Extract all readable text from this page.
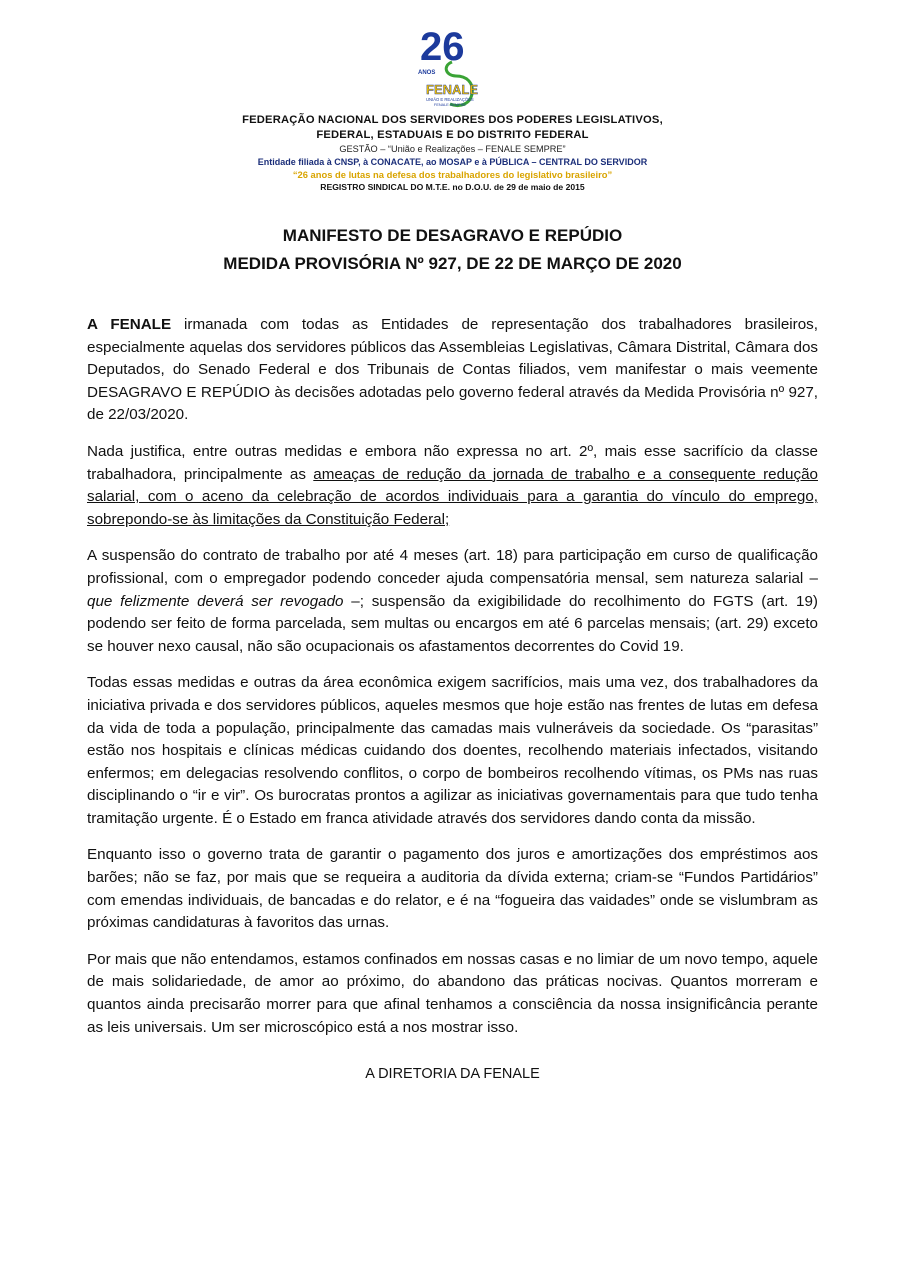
26
ANOS
FENALE
UNIÃO E REALIZAÇÕES
FENALE SEMPRE
FEDERAÇÃO NACIONAL DOS SERVIDORES DOS PODERES LEGISLATIVOS,
FEDERAL, ESTADUAIS E DO DISTRITO FEDERAL
GESTÃO – “União e Realizações – FENALE SEMPRE”
Entidade filiada à CNSP, à CONACATE, ao MOSAP e à PÚBLICA – CENTRAL DO SERVIDOR
“26 anos de lutas na defesa dos trabalhadores do legislativo brasileiro”
REGISTRO SINDICAL DO M.T.E. no D.O.U. de 29 de maio de 2015
MANIFESTO DE DESAGRAVO E REPÚDIO
MEDIDA PROVISÓRIA Nº 927, DE 22 DE MARÇO DE 2020

A FENALE irmanada com todas as Entidades de representação dos trabalhadores brasileiros, especialmente aquelas dos servidores públicos das Assembleias Legislativas, Câmara Distrital, Câmara dos Deputados, do Senado Federal e dos Tribunais de Contas filiados, vem manifestar o mais veemente DESAGRAVO E REPÚDIO às decisões adotadas pelo governo federal através da Medida Provisória nº 927, de 22/03/2020.

Nada justifica, entre outras medidas e embora não expressa no art. 2º, mais esse sacrifício da classe trabalhadora, principalmente as ameaças de redução da jornada de trabalho e a consequente redução salarial, com o aceno da celebração de acordos individuais para a garantia do vínculo do emprego, sobrepondo-se às limitações da Constituição Federal;

A suspensão do contrato de trabalho por até 4 meses (art. 18) para participação em curso de qualificação profissional, com o empregador podendo conceder ajuda compensatória mensal, sem natureza salarial – que felizmente deverá ser revogado –; suspensão da exigibilidade do recolhimento do FGTS (art. 19) podendo ser feito de forma parcelada, sem multas ou encargos em até 6 parcelas mensais; (art. 29) exceto se houver nexo causal, não são ocupacionais os afastamentos decorrentes do Covid 19.

Todas essas medidas e outras da área econômica exigem sacrifícios, mais uma vez, dos trabalhadores da iniciativa privada e dos servidores públicos, aqueles mesmos que hoje estão nas frentes de lutas em defesa da vida de toda a população, principalmente das camadas mais vulneráveis da sociedade. Os “parasitas” estão nos hospitais e clínicas médicas cuidando dos doentes, recolhendo materiais infectados, visitando enfermos; em delegacias resolvendo conflitos, o corpo de bombeiros recolhendo vítimas, os PMs nas ruas disciplinando o “ir e vir”. Os burocratas prontos a agilizar as iniciativas governamentais para que tudo tenha tramitação urgente. É o Estado em franca atividade através dos servidores dando conta da missão.

Enquanto isso o governo trata de garantir o pagamento dos juros e amortizações dos empréstimos aos barões; não se faz, por mais que se requeira a auditoria da dívida externa; criam-se “Fundos Partidários” com emendas individuais, de bancadas e do relator, e é na “fogueira das vaidades” onde se vislumbram as próximas candidaturas à favoritos das urnas.

Por mais que não entendamos, estamos confinados em nossas casas e no limiar de um novo tempo, aquele de mais solidariedade, de amor ao próximo, do abandono das práticas nocivas. Quantos morreram e quantos ainda precisarão morrer para que afinal tenhamos a consciência da nossa insignificância perante as leis universais. Um ser microscópico está a nos mostrar isso.

A DIRETORIA DA FENALE
